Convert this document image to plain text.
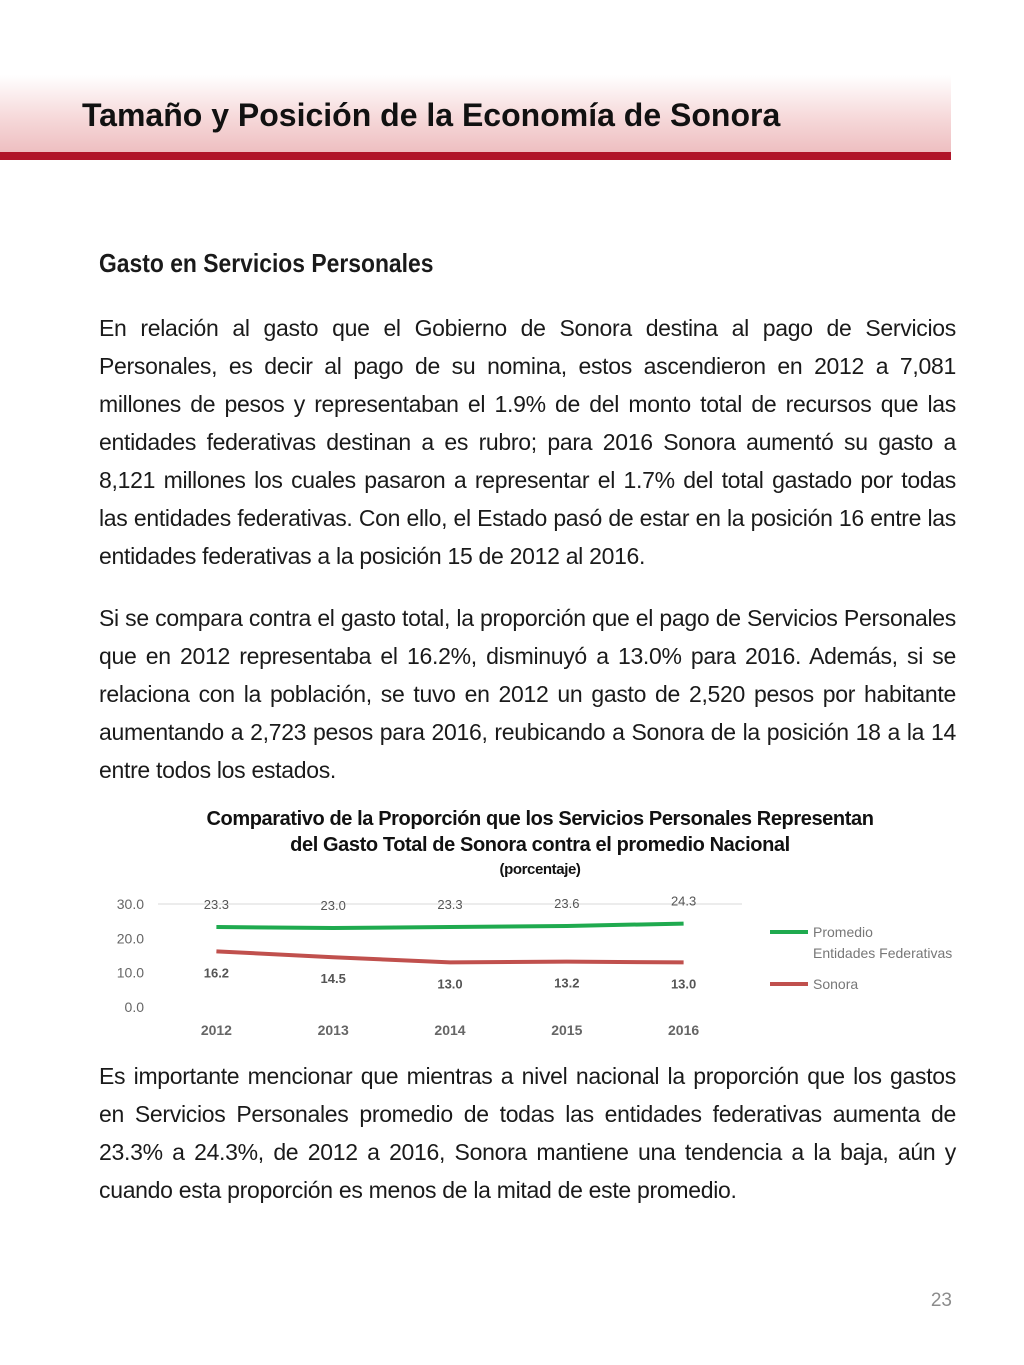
Tamaño y Posición de la Economía de Sonora
Gasto en Servicios Personales

En relación al gasto que el Gobierno de Sonora destina al pago de Servicios Personales, es decir al pago de su nomina, estos ascendieron en 2012 a 7,081 millones de pesos y representaban el 1.9% de del monto total de recursos que las entidades federativas destinan a es rubro; para 2016 Sonora aumentó su gasto a 8,121 millones los cuales pasaron a representar el 1.7% del total gastado por todas las entidades federativas. Con ello, el Estado pasó de estar en la posición 16 entre las entidades federativas a la posición 15 de 2012 al 2016.

Si se compara contra el gasto total, la proporción que el pago de Servicios Personales que en 2012 representaba el 16.2%, disminuyó a 13.0% para 2016. Además, si se relaciona con la población, se tuvo en 2012 un gasto de 2,520 pesos por habitante aumentando a 2,723 pesos para 2016, reubicando a Sonora de la posición 18 a la 14 entre todos los estados.

Comparativo de la Proporción que los Servicios Personales Representan
del Gasto Total de Sonora contra el promedio Nacional
(porcentaje)
30.0
20.0
10.0
0.0
23.3	23.0	23.3	23.6	24.3
16.2	14.5	13.0	13.2	13.0
2012	2013	2014	2015	2016
Promedio
Entidades Federativas
Sonora

Es importante mencionar que mientras a nivel nacional la proporción que los gastos en Servicios Personales promedio de todas las entidades federativas aumenta de 23.3% a 24.3%, de 2012 a 2016, Sonora mantiene una tendencia a la baja, aún y cuando esta proporción es menos de la mitad de este promedio.

23
